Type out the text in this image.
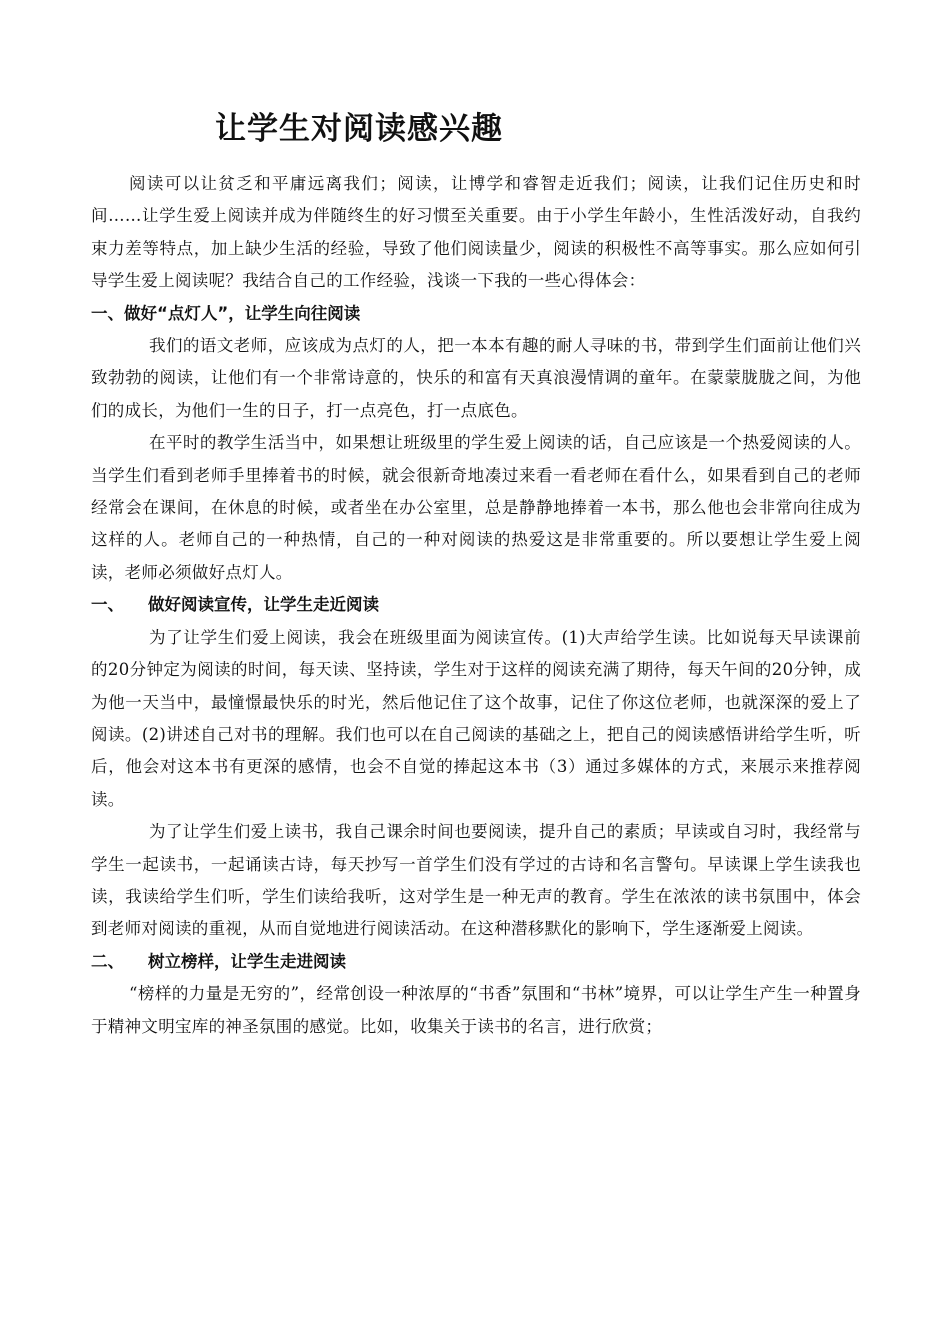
让学生对阅读感兴趣

阅读可以让贫乏和平庸远离我们；阅读，让博学和睿智走近我们；阅读，让我们记住历史和时间……让学生爱上阅读并成为伴随终生的好习惯至关重要。由于小学生年龄小，生性活泼好动，自我约束力差等特点，加上缺少生活的经验，导致了他们阅读量少，阅读的积极性不高等事实。那么应如何引导学生爱上阅读呢？我结合自己的工作经验，浅谈一下我的一些心得体会：

一、做好“点灯人”，让学生向往阅读

我们的语文老师，应该成为点灯的人，把一本本有趣的耐人寻味的书，带到学生们面前让他们兴致勃勃的阅读，让他们有一个非常诗意的，快乐的和富有天真浪漫情调的童年。在蒙蒙胧胧之间，为他们的成长，为他们一生的日子，打一点亮色，打一点底色。

在平时的教学生活当中，如果想让班级里的学生爱上阅读的话，自己应该是一个热爱阅读的人。当学生们看到老师手里捧着书的时候，就会很新奇地凑过来看一看老师在看什么，如果看到自己的老师经常会在课间，在休息的时候，或者坐在办公室里，总是静静地捧着一本书，那么他也会非常向往成为这样的人。老师自己的一种热情，自己的一种对阅读的热爱这是非常重要的。所以要想让学生爱上阅读，老师必须做好点灯人。

一、 做好阅读宣传，让学生走近阅读

为了让学生们爱上阅读，我会在班级里面为阅读宣传。(1)大声给学生读。比如说每天早读课前的20分钟定为阅读的时间，每天读、坚持读，学生对于这样的阅读充满了期待，每天午间的20分钟，成为他一天当中，最憧憬最快乐的时光，然后他记住了这个故事，记住了你这位老师，也就深深的爱上了阅读。(2)讲述自己对书的理解。我们也可以在自己阅读的基础之上，把自己的阅读感悟讲给学生听，听后，他会对这本书有更深的感情，也会不自觉的捧起这本书（3）通过多媒体的方式，来展示来推荐阅读。

为了让学生们爱上读书，我自己课余时间也要阅读，提升自己的素质；早读或自习时，我经常与学生一起读书，一起诵读古诗，每天抄写一首学生们没有学过的古诗和名言警句。早读课上学生读我也读，我读给学生们听，学生们读给我听，这对学生是一种无声的教育。学生在浓浓的读书氛围中，体会到老师对阅读的重视，从而自觉地进行阅读活动。在这种潜移默化的影响下，学生逐渐爱上阅读。

二、 树立榜样，让学生走进阅读

“榜样的力量是无穷的”，经常创设一种浓厚的“书香”氛围和“书林”境界，可以让学生产生一种置身于精神文明宝库的神圣氛围的感觉。比如，收集关于读书的名言，进行欣赏；
